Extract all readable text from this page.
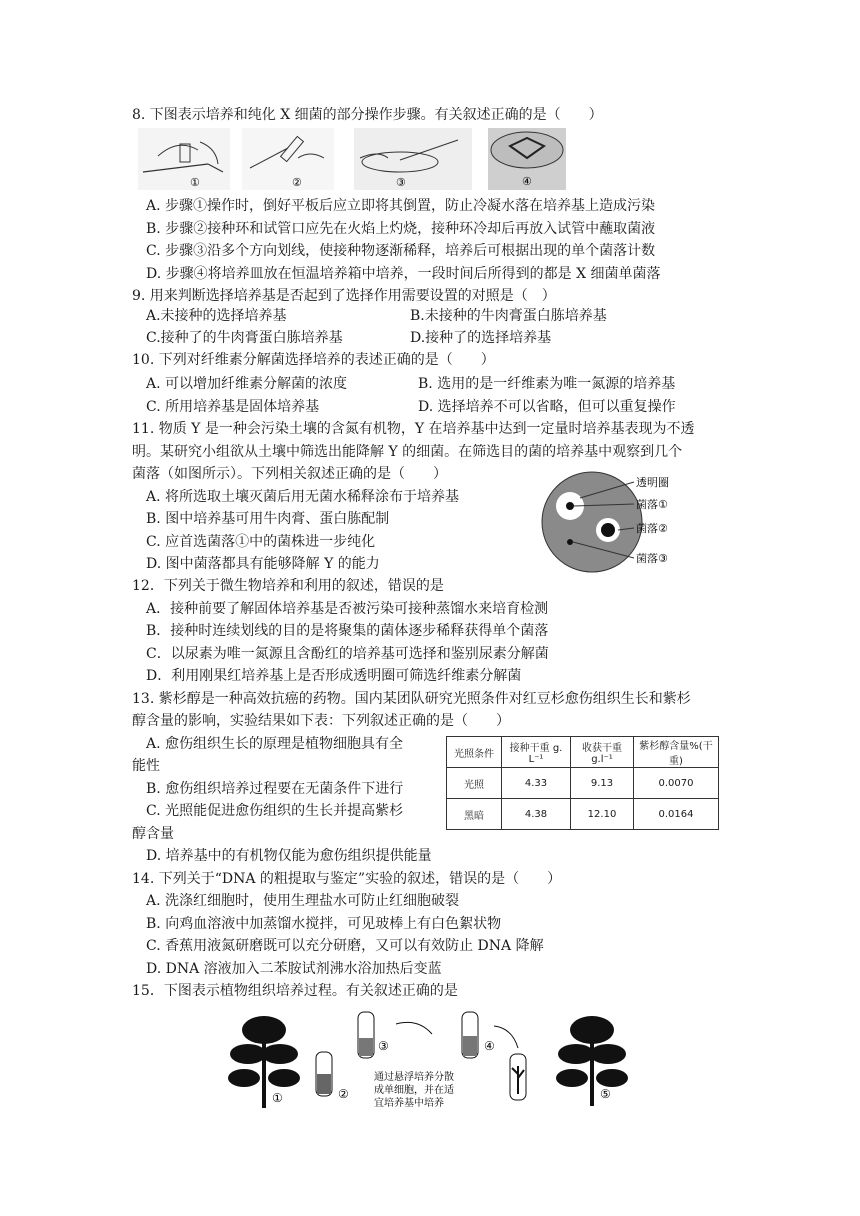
8. 下图表示培养和纯化 X 细菌的部分操作步骤。有关叙述正确的是（　　）
①	②	③	④
A. 步骤①操作时，倒好平板后应立即将其倒置，防止冷凝水落在培养基上造成污染
B. 步骤②接种环和试管口应先在火焰上灼烧，接种环冷却后再放入试管中蘸取菌液
C. 步骤③沿多个方向划线，使接种物逐渐稀释，培养后可根据出现的单个菌落计数
D. 步骤④将培养皿放在恒温培养箱中培养，一段时间后所得到的都是 X 细菌单菌落
9. 用来判断选择培养基是否起到了选择作用需要设置的对照是（　）
A.未接种的选择培养基	B.未接种的牛肉膏蛋白胨培养基
C.接种了的牛肉膏蛋白胨培养基	D.接种了的选择培养基
10. 下列对纤维素分解菌选择培养的表述正确的是（　　）
A. 可以增加纤维素分解菌的浓度	B. 选用的是一纤维素为唯一氮源的培养基
C. 所用培养基是固体培养基	D. 选择培养不可以省略，但可以重复操作
11. 物质 Y 是一种会污染土壤的含氮有机物，Y 在培养基中达到一定量时培养基表现为不透
明。某研究小组欲从土壤中筛选出能降解 Y 的细菌。在筛选目的菌的培养基中观察到几个
菌落（如图所示）。下列相关叙述正确的是（　　）
A. 将所选取土壤灭菌后用无菌水稀释涂布于培养基
B. 图中培养基可用牛肉膏、蛋白胨配制
C. 应首选菌落①中的菌株进一步纯化
D. 图中菌落都具有能够降解 Y 的能力
透明圈
菌落①
菌落②
菌落③
12．下列关于微生物培养和利用的叙述，错误的是
A．接种前要了解固体培养基是否被污染可接种蒸馏水来培育检测
B．接种时连续划线的目的是将聚集的菌体逐步稀释获得单个菌落
C．以尿素为唯一氮源且含酚红的培养基可选择和鉴别尿素分解菌
D．利用刚果红培养基上是否形成透明圈可筛选纤维素分解菌
13. 紫杉醇是一种高效抗癌的药物。国内某团队研究光照条件对红豆杉愈伤组织生长和紫杉
醇含量的影响，实验结果如下表：下列叙述正确的是（　　）
A. 愈伤组织生长的原理是植物细胞具有全
能性
B. 愈伤组织培养过程要在无菌条件下进行
C. 光照能促进愈伤组织的生长并提高紫杉
醇含量
D. 培养基中的有机物仅能为愈伤组织提供能量
光照条件	接种干重 g. L⁻¹	收获干重 g.l⁻¹	紫杉醇含量%(干重)
光照	4.33	9.13	0.0070
黑暗	4.38	12.10	0.0164
14. 下列关于“DNA 的粗提取与鉴定”实验的叙述，错误的是（　　）
A. 洗涤红细胞时，使用生理盐水可防止红细胞破裂
B. 向鸡血溶液中加蒸馏水搅拌，可见玻棒上有白色絮状物
C. 香蕉用液氮研磨既可以充分研磨，又可以有效防止 DNA 降解
D. DNA 溶液加入二苯胺试剂沸水浴加热后变蓝
15．下图表示植物组织培养过程。有关叙述正确的是
①	②
③	④
通过悬浮培养分散
成单细胞，并在适
宜培养基中培养
⑤
